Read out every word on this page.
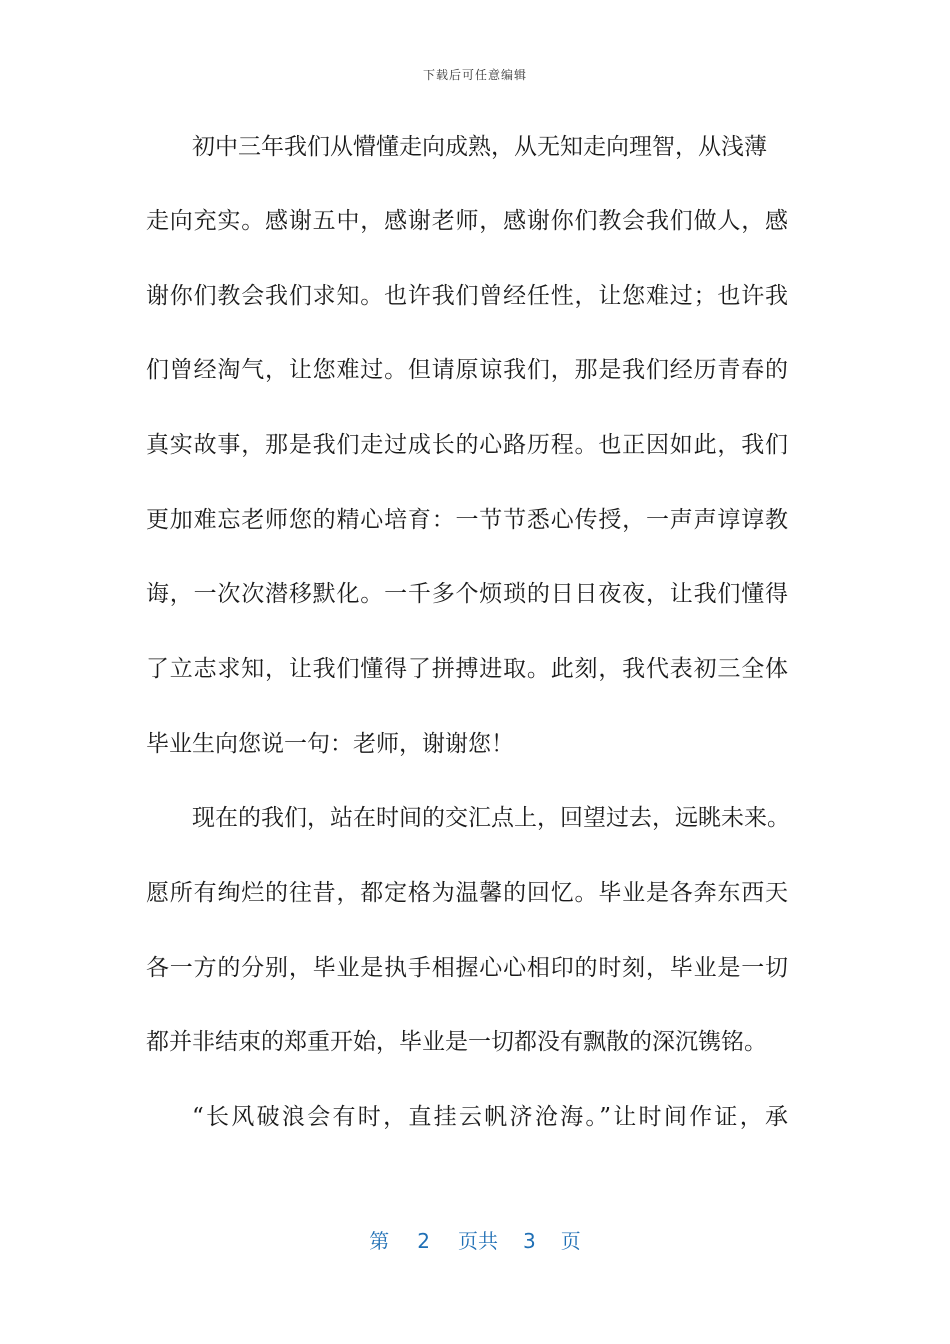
下载后可任意编辑
初中三年我们从懵懂走向成熟，从无知走向理智，从浅薄
走向充实。感谢五中，感谢老师，感谢你们教会我们做人，感
谢你们教会我们求知。也许我们曾经任性，让您难过；也许我
们曾经淘气，让您难过。但请原谅我们，那是我们经历青春的
真实故事，那是我们走过成长的心路历程。也正因如此，我们
更加难忘老师您的精心培育：一节节悉心传授，一声声谆谆教
诲，一次次潜移默化。一千多个烦琐的日日夜夜，让我们懂得
了立志求知，让我们懂得了拼搏进取。此刻，我代表初三全体
毕业生向您说一句：老师，谢谢您！
现在的我们，站在时间的交汇点上，回望过去，远眺未来。
愿所有绚烂的往昔，都定格为温馨的回忆。毕业是各奔东西天
各一方的分别，毕业是执手相握心心相印的时刻，毕业是一切
都并非结束的郑重开始，毕业是一切都没有飘散的深沉镌铭。
“长风破浪会有时，直挂云帆济沧海。”让时间作证，承
第 2 页共 3 页
